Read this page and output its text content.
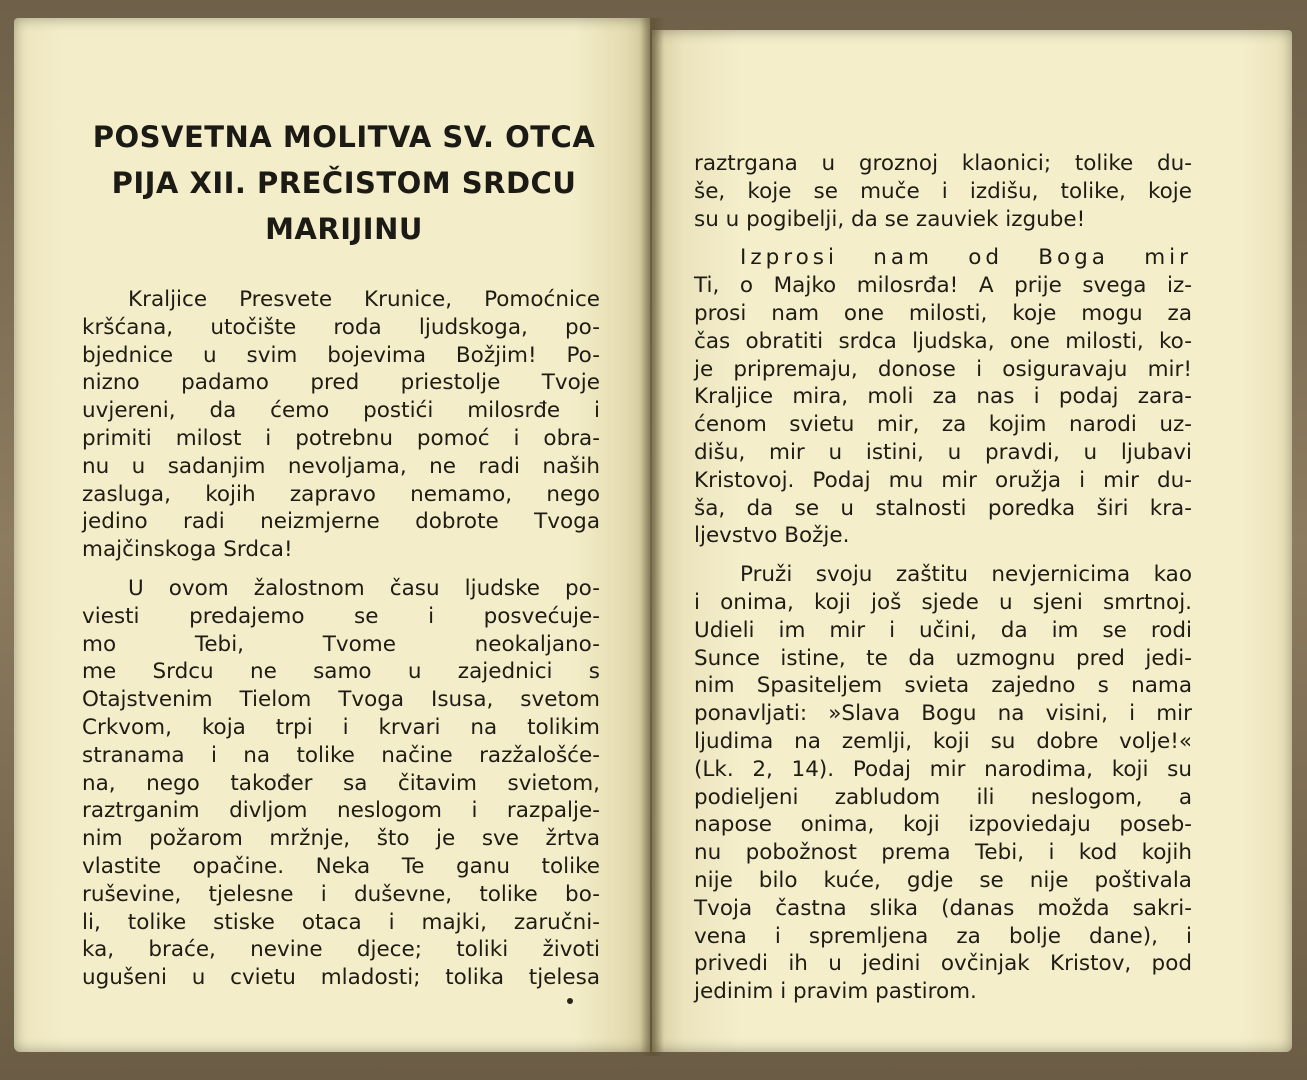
POSVETNA MOLITVA SV. OTCA
PIJA XII. PREČISTOM SRDCU
MARIJINU
Kraljice Presvete Krunice, Pomoćnice
kršćana, utočište roda ljudskoga, po-
bjednice u svim bojevima Božjim! Po-
nizno padamo pred priestolje Tvoje
uvjereni, da ćemo postići milosrđe i
primiti milost i potrebnu pomoć i obra-
nu u sadanjim nevoljama, ne radi naših
zasluga, kojih zapravo nemamo, nego
jedino radi neizmjerne dobrote Tvoga
majčinskoga Srdca!
U ovom žalostnom času ljudske po-
viesti predajemo se i posvećuje-
mo Tebi, Tvome neokaljano-
me Srdcu ne samo u zajednici s
Otajstvenim Tielom Tvoga Isusa, svetom
Crkvom, koja trpi i krvari na tolikim
stranama i na tolike načine razžalošće-
na, nego također sa čitavim svietom,
raztrganim divljom neslogom i razpalje-
nim požarom mržnje, što je sve žrtva
vlastite opačine. Neka Te ganu tolike
ruševine, tjelesne i duševne, tolike bo-
li, tolike stiske otaca i majki, zaručni-
ka, braće, nevine djece; toliki životi
ugušeni u cvietu mladosti; tolika tjelesa
raztrgana u groznoj klaonici; tolike du-
še, koje se muče i izdišu, tolike, koje
su u pogibelji, da se zauviek izgube!
Izprosi nam od Boga mir
Ti, o Majko milosrđa! A prije svega iz-
prosi nam one milosti, koje mogu za
čas obratiti srdca ljudska, one milosti, ko-
je pripremaju, donose i osiguravaju mir!
Kraljice mira, moli za nas i podaj zara-
ćenom svietu mir, za kojim narodi uz-
dišu, mir u istini, u pravdi, u ljubavi
Kristovoj. Podaj mu mir oružja i mir du-
ša, da se u stalnosti poredka širi kra-
ljevstvo Božje.
Pruži svoju zaštitu nevjernicima kao
i onima, koji još sjede u sjeni smrtnoj.
Udieli im mir i učini, da im se rodi
Sunce istine, te da uzmognu pred jedi-
nim Spasiteljem svieta zajedno s nama
ponavljati: »Slava Bogu na visini, i mir
ljudima na zemlji, koji su dobre volje!«
(Lk. 2, 14). Podaj mir narodima, koji su
podieljeni zabludom ili neslogom, a
napose onima, koji izpoviedaju poseb-
nu pobožnost prema Tebi, i kod kojih
nije bilo kuće, gdje se nije poštivala
Tvoja častna slika (danas možda sakri-
vena i spremljena za bolje dane), i
privedi ih u jedini ovčinjak Kristov, pod
jedinim i pravim pastirom.
